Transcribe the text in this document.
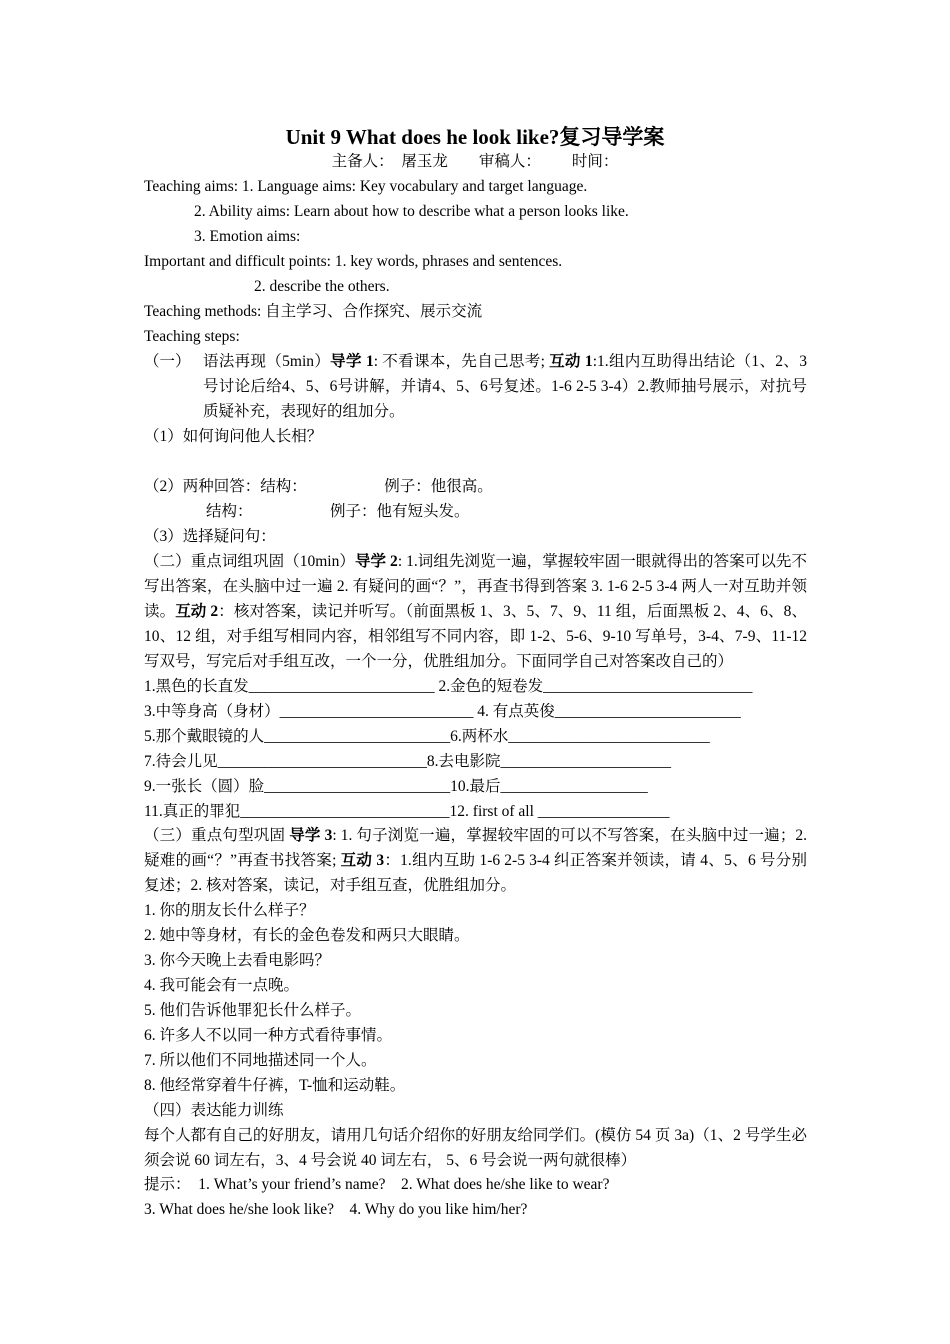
Unit 9 What does he look like?复习导学案
主备人：  屠玉龙        审稿人：        时间：
Teaching aims: 1. Language aims: Key vocabulary and target language.
2. Ability aims: Learn about how to describe what a person looks like.
3. Emotion aims:
Important and difficult points: 1. key words, phrases and sentences.
2. describe the others.
Teaching methods: 自主学习、合作探究、展示交流
Teaching steps:
（一） 语法再现（5min）导学 1: 不看课本，先自己思考; 互动 1:1.组内互助得出结论（1、2、3号讨论后给4、5、6号讲解，并请4、5、6号复述。1-6 2-5 3-4）2.教师抽号展示，对抗号质疑补充，表现好的组加分。
（1）如何询问他人长相？
（2）两种回答：结构：                    例子：他很高。
结构：                    例子：他有短头发。
（3）选择疑问句：
（二）重点词组巩固（10min）导学 2: 1.词组先浏览一遍，掌握较牢固一眼就得出的答案可以先不写出答案，在头脑中过一遍 2. 有疑问的画“？”，再查书得到答案 3. 1-6 2-5 3-4 两人一对互助并领读。互动 2：核对答案，读记并听写。（前面黑板 1、3、5、7、9、11 组，后面黑板 2、4、6、8、10、12 组，对手组写相同内容，相邻组写不同内容，即 1-2、5-6、9-10 写单号，3-4、7-9、11-12 写双号，写完后对手组互改，一个一分，优胜组加分。下面同学自己对答案改自己的）
1.黑色的长直发________________________ 2.金色的短卷发___________________________
3.中等身高（身材）_________________________ 4. 有点英俊________________________
5.那个戴眼镜的人________________________6.两杯水__________________________
7.待会儿见___________________________8.去电影院______________________
9.一张长（圆）脸________________________10.最后___________________
11.真正的罪犯___________________________12. first of all _________________
（三）重点句型巩固 导学 3: 1. 句子浏览一遍，掌握较牢固的可以不写答案，在头脑中过一遍；2. 疑难的画“？”再查书找答案; 互动 3：1.组内互助 1-6 2-5 3-4 纠正答案并领读，请 4、5、6 号分别复述；2. 核对答案，读记，对手组互查，优胜组加分。
1. 你的朋友长什么样子？
2. 她中等身材，有长的金色卷发和两只大眼睛。
3. 你今天晚上去看电影吗？
4. 我可能会有一点晚。
5. 他们告诉他罪犯长什么样子。
6. 许多人不以同一种方式看待事情。
7. 所以他们不同地描述同一个人。
8. 他经常穿着牛仔裤，T-恤和运动鞋。
（四）表达能力训练
每个人都有自己的好朋友，请用几句话介绍你的好朋友给同学们。(模仿 54 页 3a)（1、2 号学生必须会说 60 词左右，3、4 号会说 40 词左右， 5、6 号会说一两句就很棒）
提示：  1. What’s your friend’s name?    2. What does he/she like to wear?
3. What does he/she look like?    4. Why do you like him/her?
